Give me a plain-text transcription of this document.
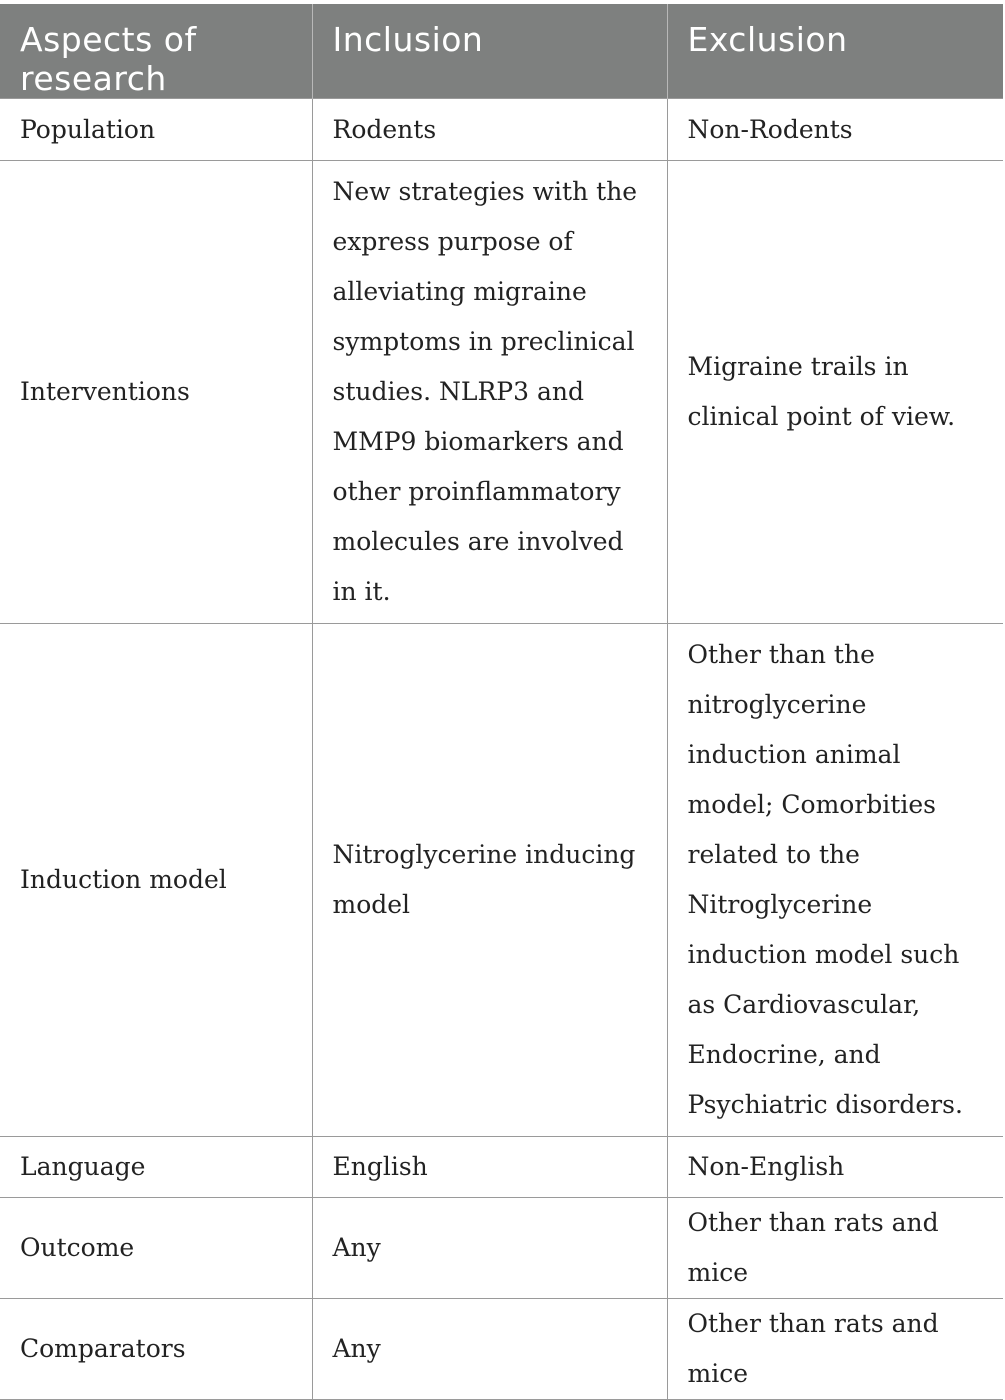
Aspects of research	Inclusion	Exclusion
Population	Rodents	Non-Rodents
Interventions	New strategies with the express purpose of alleviating migraine symptoms in preclinical studies. NLRP3 and MMP9 biomarkers and other proinflammatory molecules are involved in it.	Migraine trails in clinical point of view.
Induction model	Nitroglycerine inducing model	Other than the nitroglycerine induction animal model; Comorbities related to the Nitroglycerine induction model such as Cardiovascular, Endocrine, and Psychiatric disorders.
Language	English	Non-English
Outcome	Any	Other than rats and mice
Comparators	Any	Other than rats and mice
